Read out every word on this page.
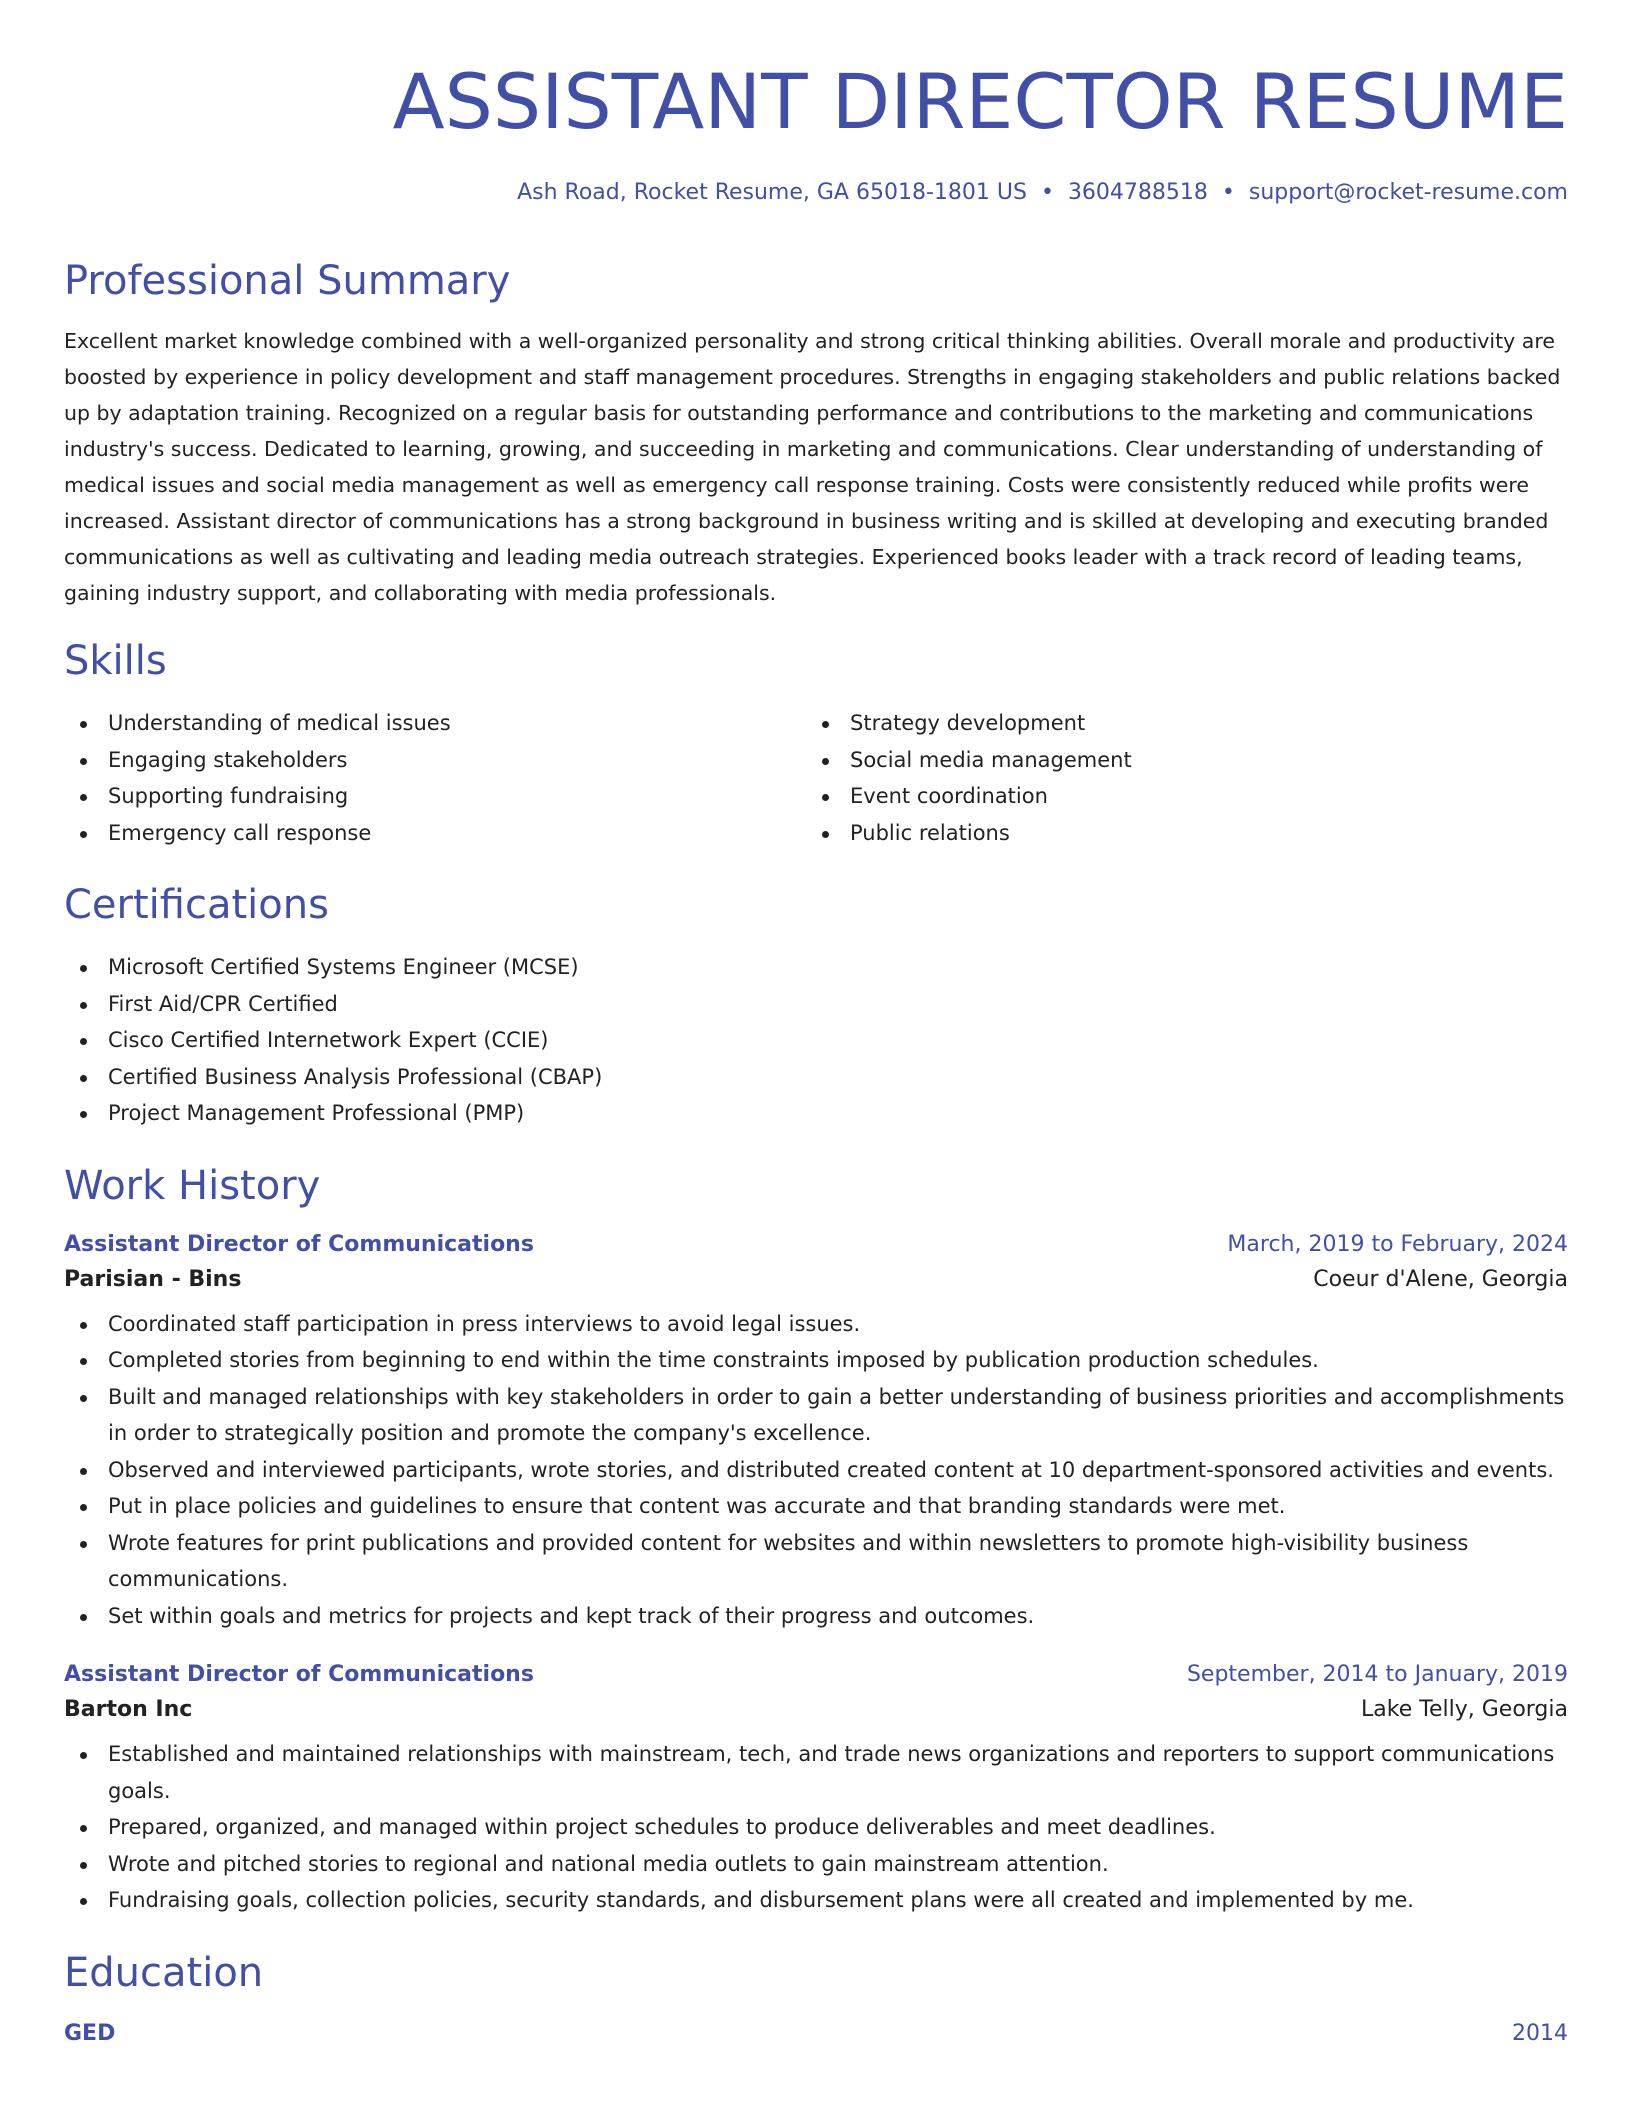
ASSISTANT DIRECTOR RESUME
Ash Road, Rocket Resume, GA 65018-1801 US • 3604788518 • support@rocket-resume.com
Professional Summary

Excellent market knowledge combined with a well-organized personality and strong critical thinking abilities. Overall morale and productivity are boosted by experience in policy development and staff management procedures. Strengths in engaging stakeholders and public relations backed up by adaptation training. Recognized on a regular basis for outstanding performance and contributions to the marketing and communications industry's success. Dedicated to learning, growing, and succeeding in marketing and communications. Clear understanding of understanding of medical issues and social media management as well as emergency call response training. Costs were consistently reduced while profits were increased. Assistant director of communications has a strong background in business writing and is skilled at developing and executing branded communications as well as cultivating and leading media outreach strategies. Experienced books leader with a track record of leading teams, gaining industry support, and collaborating with media professionals.

Skills
Understanding of medical issues
Engaging stakeholders
Supporting fundraising
Emergency call response
Strategy development
Social media management
Event coordination
Public relations
Certifications
Microsoft Certified Systems Engineer (MCSE)
First Aid/CPR Certified
Cisco Certified Internetwork Expert (CCIE)
Certified Business Analysis Professional (CBAP)
Project Management Professional (PMP)
Work History
Assistant Director of Communications	March, 2019 to February, 2024
Parisian - Bins	Coeur d'Alene, Georgia
Coordinated staff participation in press interviews to avoid legal issues.
Completed stories from beginning to end within the time constraints imposed by publication production schedules.
Built and managed relationships with key stakeholders in order to gain a better understanding of business priorities and accomplishments in order to strategically position and promote the company's excellence.
Observed and interviewed participants, wrote stories, and distributed created content at 10 department-sponsored activities and events.
Put in place policies and guidelines to ensure that content was accurate and that branding standards were met.
Wrote features for print publications and provided content for websites and within newsletters to promote high-visibility business communications.
Set within goals and metrics for projects and kept track of their progress and outcomes.
Assistant Director of Communications	September, 2014 to January, 2019
Barton Inc	Lake Telly, Georgia
Established and maintained relationships with mainstream, tech, and trade news organizations and reporters to support communications goals.
Prepared, organized, and managed within project schedules to produce deliverables and meet deadlines.
Wrote and pitched stories to regional and national media outlets to gain mainstream attention.
Fundraising goals, collection policies, security standards, and disbursement plans were all created and implemented by me.
Education
GED	2014
